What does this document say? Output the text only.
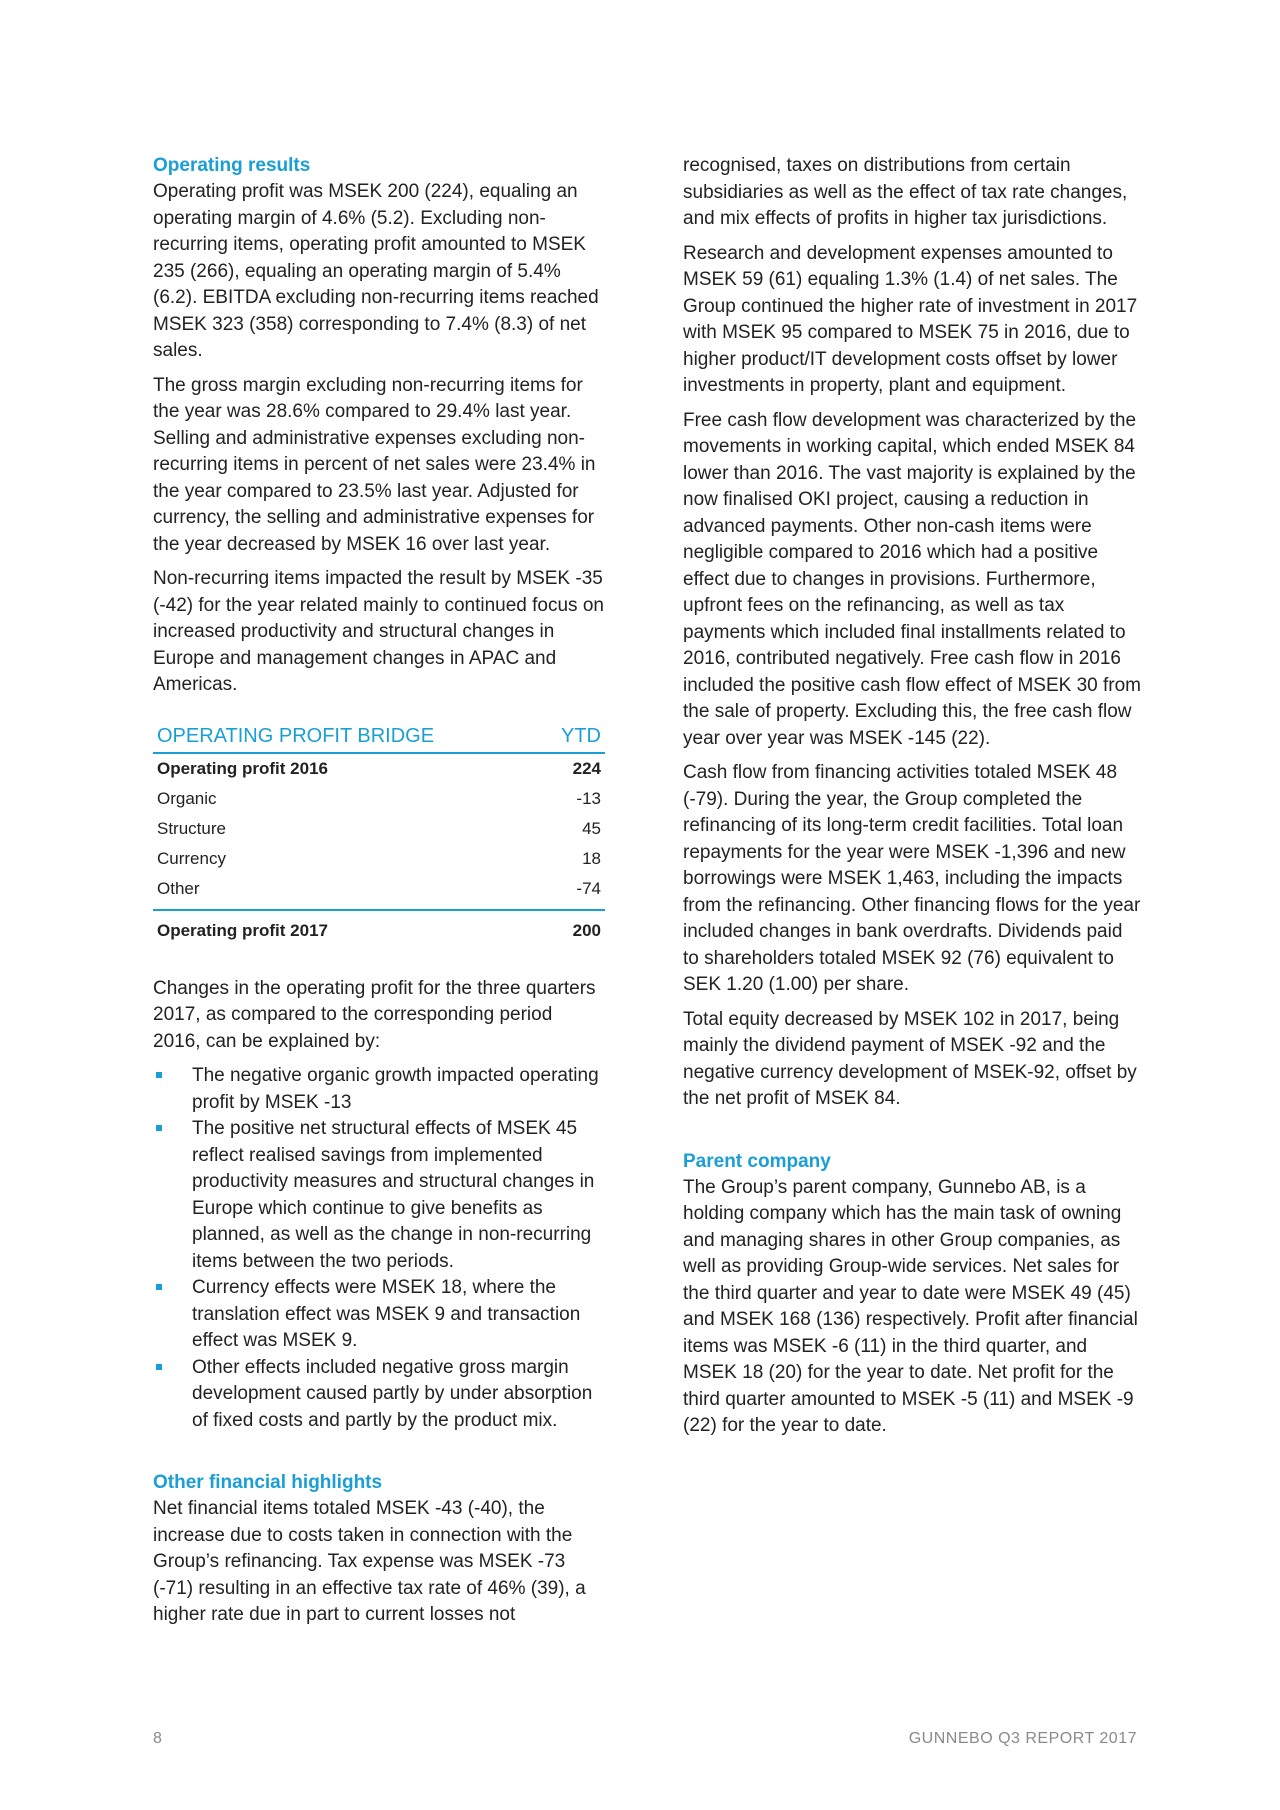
Operating results

Operating profit was MSEK 200 (224), equaling an operating margin of 4.6% (5.2). Excluding non-recurring items, operating profit amounted to MSEK 235 (266), equaling an operating margin of 5.4% (6.2). EBITDA excluding non-recurring items reached MSEK 323 (358) corresponding to 7.4% (8.3) of net sales.

The gross margin excluding non-recurring items for the year was 28.6% compared to 29.4% last year. Selling and administrative expenses excluding non-recurring items in percent of net sales were 23.4% in the year compared to 23.5% last year. Adjusted for currency, the selling and administrative expenses for the year decreased by MSEK 16 over last year.

Non-recurring items impacted the result by MSEK -35 (-42) for the year related mainly to continued focus on increased productivity and structural changes in Europe and management changes in APAC and Americas.

OPERATING PROFIT BRIDGE	YTD
Operating profit 2016	224
Organic	-13
Structure	45
Currency	18
Other	-74
Operating profit 2017	200

Changes in the operating profit for the three quarters 2017, as compared to the corresponding period 2016, can be explained by:

The negative organic growth impacted operating profit by MSEK -13
The positive net structural effects of MSEK 45 reflect realised savings from implemented productivity measures and structural changes in Europe which continue to give benefits as planned, as well as the change in non-recurring items between the two periods.
Currency effects were MSEK 18, where the translation effect was MSEK 9 and transaction effect was MSEK 9.
Other effects included negative gross margin development caused partly by under absorption of fixed costs and partly by the product mix.
Other financial highlights

Net financial items totaled MSEK -43 (-40), the increase due to costs taken in connection with the Group’s refinancing. Tax expense was MSEK -73 (-71) resulting in an effective tax rate of 46% (39), a higher rate due in part to current losses not

recognised, taxes on distributions from certain subsidiaries as well as the effect of tax rate changes, and mix effects of profits in higher tax jurisdictions.

Research and development expenses amounted to MSEK 59 (61) equaling 1.3% (1.4) of net sales. The Group continued the higher rate of investment in 2017 with MSEK 95 compared to MSEK 75 in 2016, due to higher product/IT development costs offset by lower investments in property, plant and equipment.

Free cash flow development was characterized by the movements in working capital, which ended MSEK 84 lower than 2016. The vast majority is explained by the now finalised OKI project, causing a reduction in advanced payments. Other non-cash items were negligible compared to 2016 which had a positive effect due to changes in provisions. Furthermore, upfront fees on the refinancing, as well as tax payments which included final installments related to 2016, contributed negatively. Free cash flow in 2016 included the positive cash flow effect of MSEK 30 from the sale of property. Excluding this, the free cash flow year over year was MSEK -145 (22).

Cash flow from financing activities totaled MSEK 48 (-79). During the year, the Group completed the refinancing of its long-term credit facilities. Total loan repayments for the year were MSEK -1,396 and new borrowings were MSEK 1,463, including the impacts from the refinancing. Other financing flows for the year included changes in bank overdrafts. Dividends paid to shareholders totaled MSEK 92 (76) equivalent to SEK 1.20 (1.00) per share.

Total equity decreased by MSEK 102 in 2017, being mainly the dividend payment of MSEK -92 and the negative currency development of MSEK-92, offset by the net profit of MSEK 84.

Parent company

The Group’s parent company, Gunnebo AB, is a holding company which has the main task of owning and managing shares in other Group companies, as well as providing Group-wide services. Net sales for the third quarter and year to date were MSEK 49 (45) and MSEK 168 (136) respectively. Profit after financial items was MSEK -6 (11) in the third quarter, and MSEK 18 (20) for the year to date. Net profit for the third quarter amounted to MSEK -5 (11) and MSEK -9 (22) for the year to date.

8	GUNNEBO Q3 REPORT 2017
